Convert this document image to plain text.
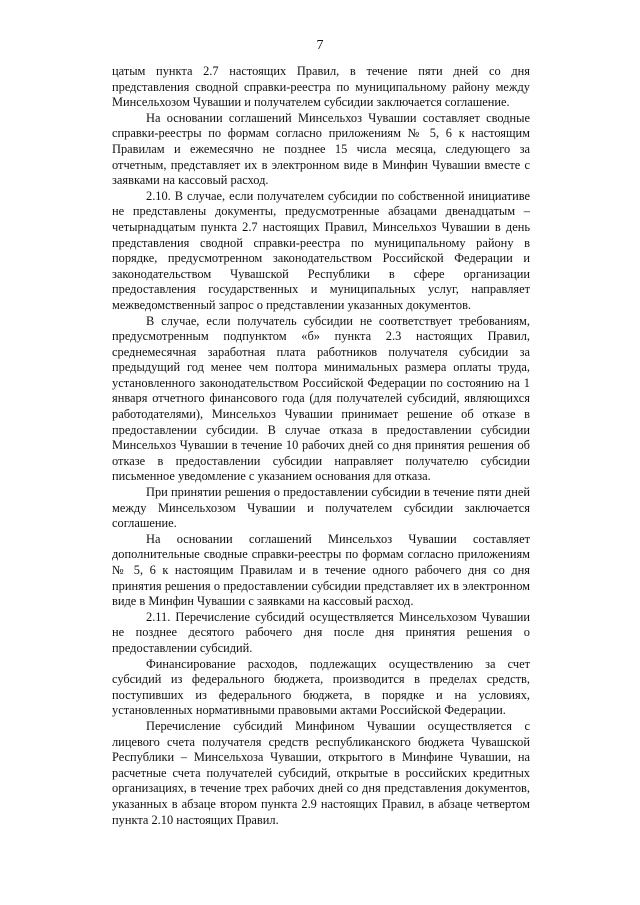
7

цатым пункта 2.7 настоящих Правил, в течение пяти дней со дня представления сводной справки-реестра по муниципальному району между Минсельхозом Чувашии и получателем субсидии заключается соглашение.

На основании соглашений Минсельхоз Чувашии составляет сводные справки-реестры по формам согласно приложениям № 5, 6 к настоящим Правилам и ежемесячно не позднее 15 числа месяца, следующего за отчетным, представляет их в электронном виде в Минфин Чувашии вместе с заявками на кассовый расход.

2.10. В случае, если получателем субсидии по собственной инициативе не представлены документы, предусмотренные абзацами двенадцатым – четырнадцатым пункта 2.7 настоящих Правил, Минсельхоз Чувашии в день представления сводной справки-реестра по муниципальному району в порядке, предусмотренном законодательством Российской Федерации и законодательством Чувашской Республики в сфере организации предоставления государственных и муниципальных услуг, направляет межведомственный запрос о представлении указанных документов.

В случае, если получатель субсидии не соответствует требованиям, предусмотренным подпунктом «б» пункта 2.3 настоящих Правил, среднемесячная заработная плата работников получателя субсидии за предыдущий год менее чем полтора минимальных размера оплаты труда, установленного законодательством Российской Федерации по состоянию на 1 января отчетного финансового года (для получателей субсидий, являющихся работодателями), Минсельхоз Чувашии принимает решение об отказе в предоставлении субсидии. В случае отказа в предоставлении субсидии Минсельхоз Чувашии в течение 10 рабочих дней со дня принятия решения об отказе в предоставлении субсидии направляет получателю субсидии письменное уведомление с указанием основания для отказа.

При принятии решения о предоставлении субсидии в течение пяти дней между Минсельхозом Чувашии и получателем субсидии заключается соглашение.

На основании соглашений Минсельхоз Чувашии составляет дополнительные сводные справки-реестры по формам согласно приложениям № 5, 6 к настоящим Правилам и в течение одного рабочего дня со дня принятия решения о предоставлении субсидии представляет их в электронном виде в Минфин Чувашии с заявками на кассовый расход.

2.11. Перечисление субсидий осуществляется Минсельхозом Чувашии не позднее десятого рабочего дня после дня принятия решения о предоставлении субсидий.

Финансирование расходов, подлежащих осуществлению за счет субсидий из федерального бюджета, производится в пределах средств, поступивших из федерального бюджета, в порядке и на условиях, установленных нормативными правовыми актами Российской Федерации.

Перечисление субсидий Минфином Чувашии осуществляется с лицевого счета получателя средств республиканского бюджета Чувашской Республики – Минсельхоза Чувашии, открытого в Минфине Чувашии, на расчетные счета получателей субсидий, открытые в российских кредитных организациях, в течение трех рабочих дней со дня представления документов, указанных в абзаце втором пункта 2.9 настоящих Правил, в абзаце четвертом пункта 2.10 настоящих Правил.
